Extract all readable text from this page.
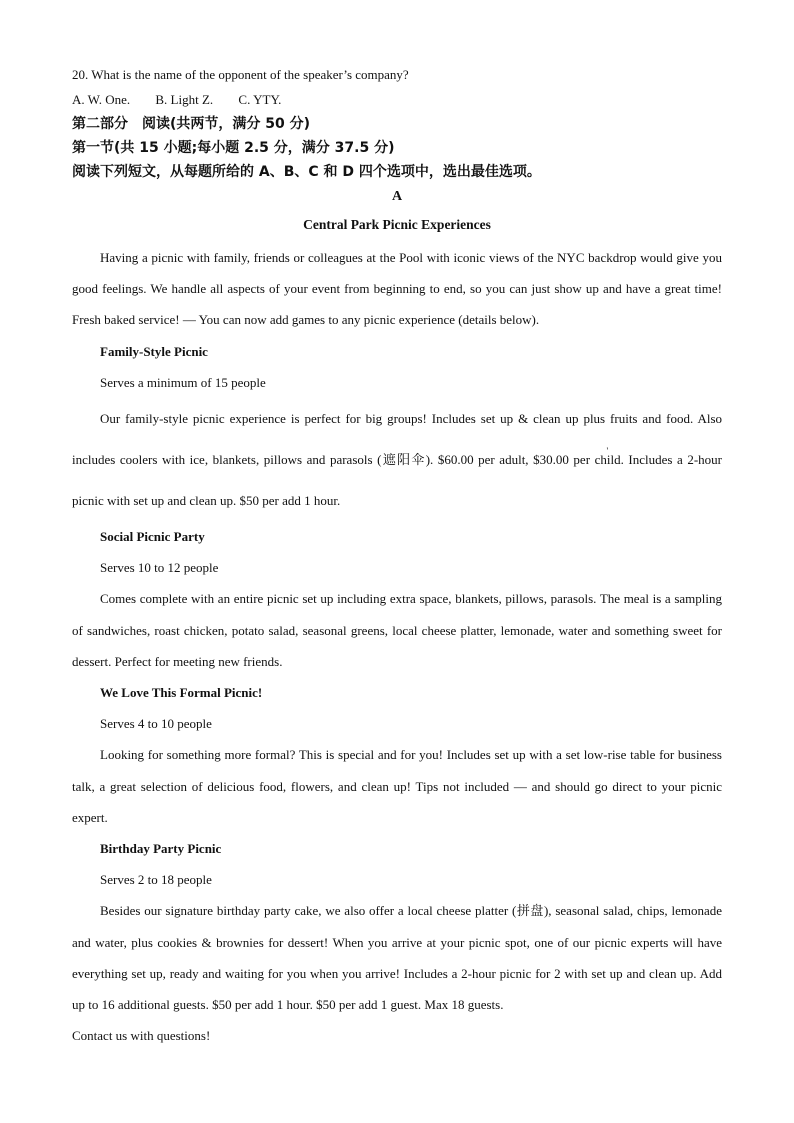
20. What is the name of the opponent of the speaker’s company?
A. W. One. B. Light Z. C. YTY.
第二部分　阅读(共两节，满分 50 分)
第一节(共 15 小题;每小题 2.5 分，满分 37.5 分)
阅读下列短文，从每题所给的 A、B、C 和 D 四个选项中，选出最佳选项。
A
Central Park Picnic Experiences

Having a picnic with family, friends or colleagues at the Pool with iconic views of the NYC backdrop would give you good feelings. We handle all aspects of your event from beginning to end, so you can just show up and have a great time! Fresh baked service! — You can now add games to any picnic experience (details below).

Family-Style Picnic
Serves a minimum of 15 people

Our family-style picnic experience is perfect for big groups! Includes set up & clean up plus fruits and food. Also includes coolers with ice, blankets, pillows and parasols (遮阳伞). $60.00 per adult, $30.00 per child. Includes a 2-hour picnic with set up and clean up. $50 per add 1 hour.

Social Picnic Party
Serves 10 to 12 people

Comes complete with an entire picnic set up including extra space, blankets, pillows, parasols. The meal is a sampling of sandwiches, roast chicken, potato salad, seasonal greens, local cheese platter, lemonade, water and something sweet for dessert. Perfect for meeting new friends.

We Love This Formal Picnic!
Serves 4 to 10 people

Looking for something more formal? This is special and for you! Includes set up with a set low-rise table for business talk, a great selection of delicious food, flowers, and clean up! Tips not included — and should go direct to your picnic expert.

Birthday Party Picnic
Serves 2 to 18 people

Besides our signature birthday party cake, we also offer a local cheese platter (拼盘), seasonal salad, chips, lemonade and water, plus cookies & brownies for dessert! When you arrive at your picnic spot, one of our picnic experts will have everything set up, ready and waiting for you when you arrive! Includes a 2-hour picnic for 2 with set up and clean up. Add up to 16 additional guests. $50 per add 1 hour. $50 per add 1 guest. Max 18 guests.

Contact us with questions!
